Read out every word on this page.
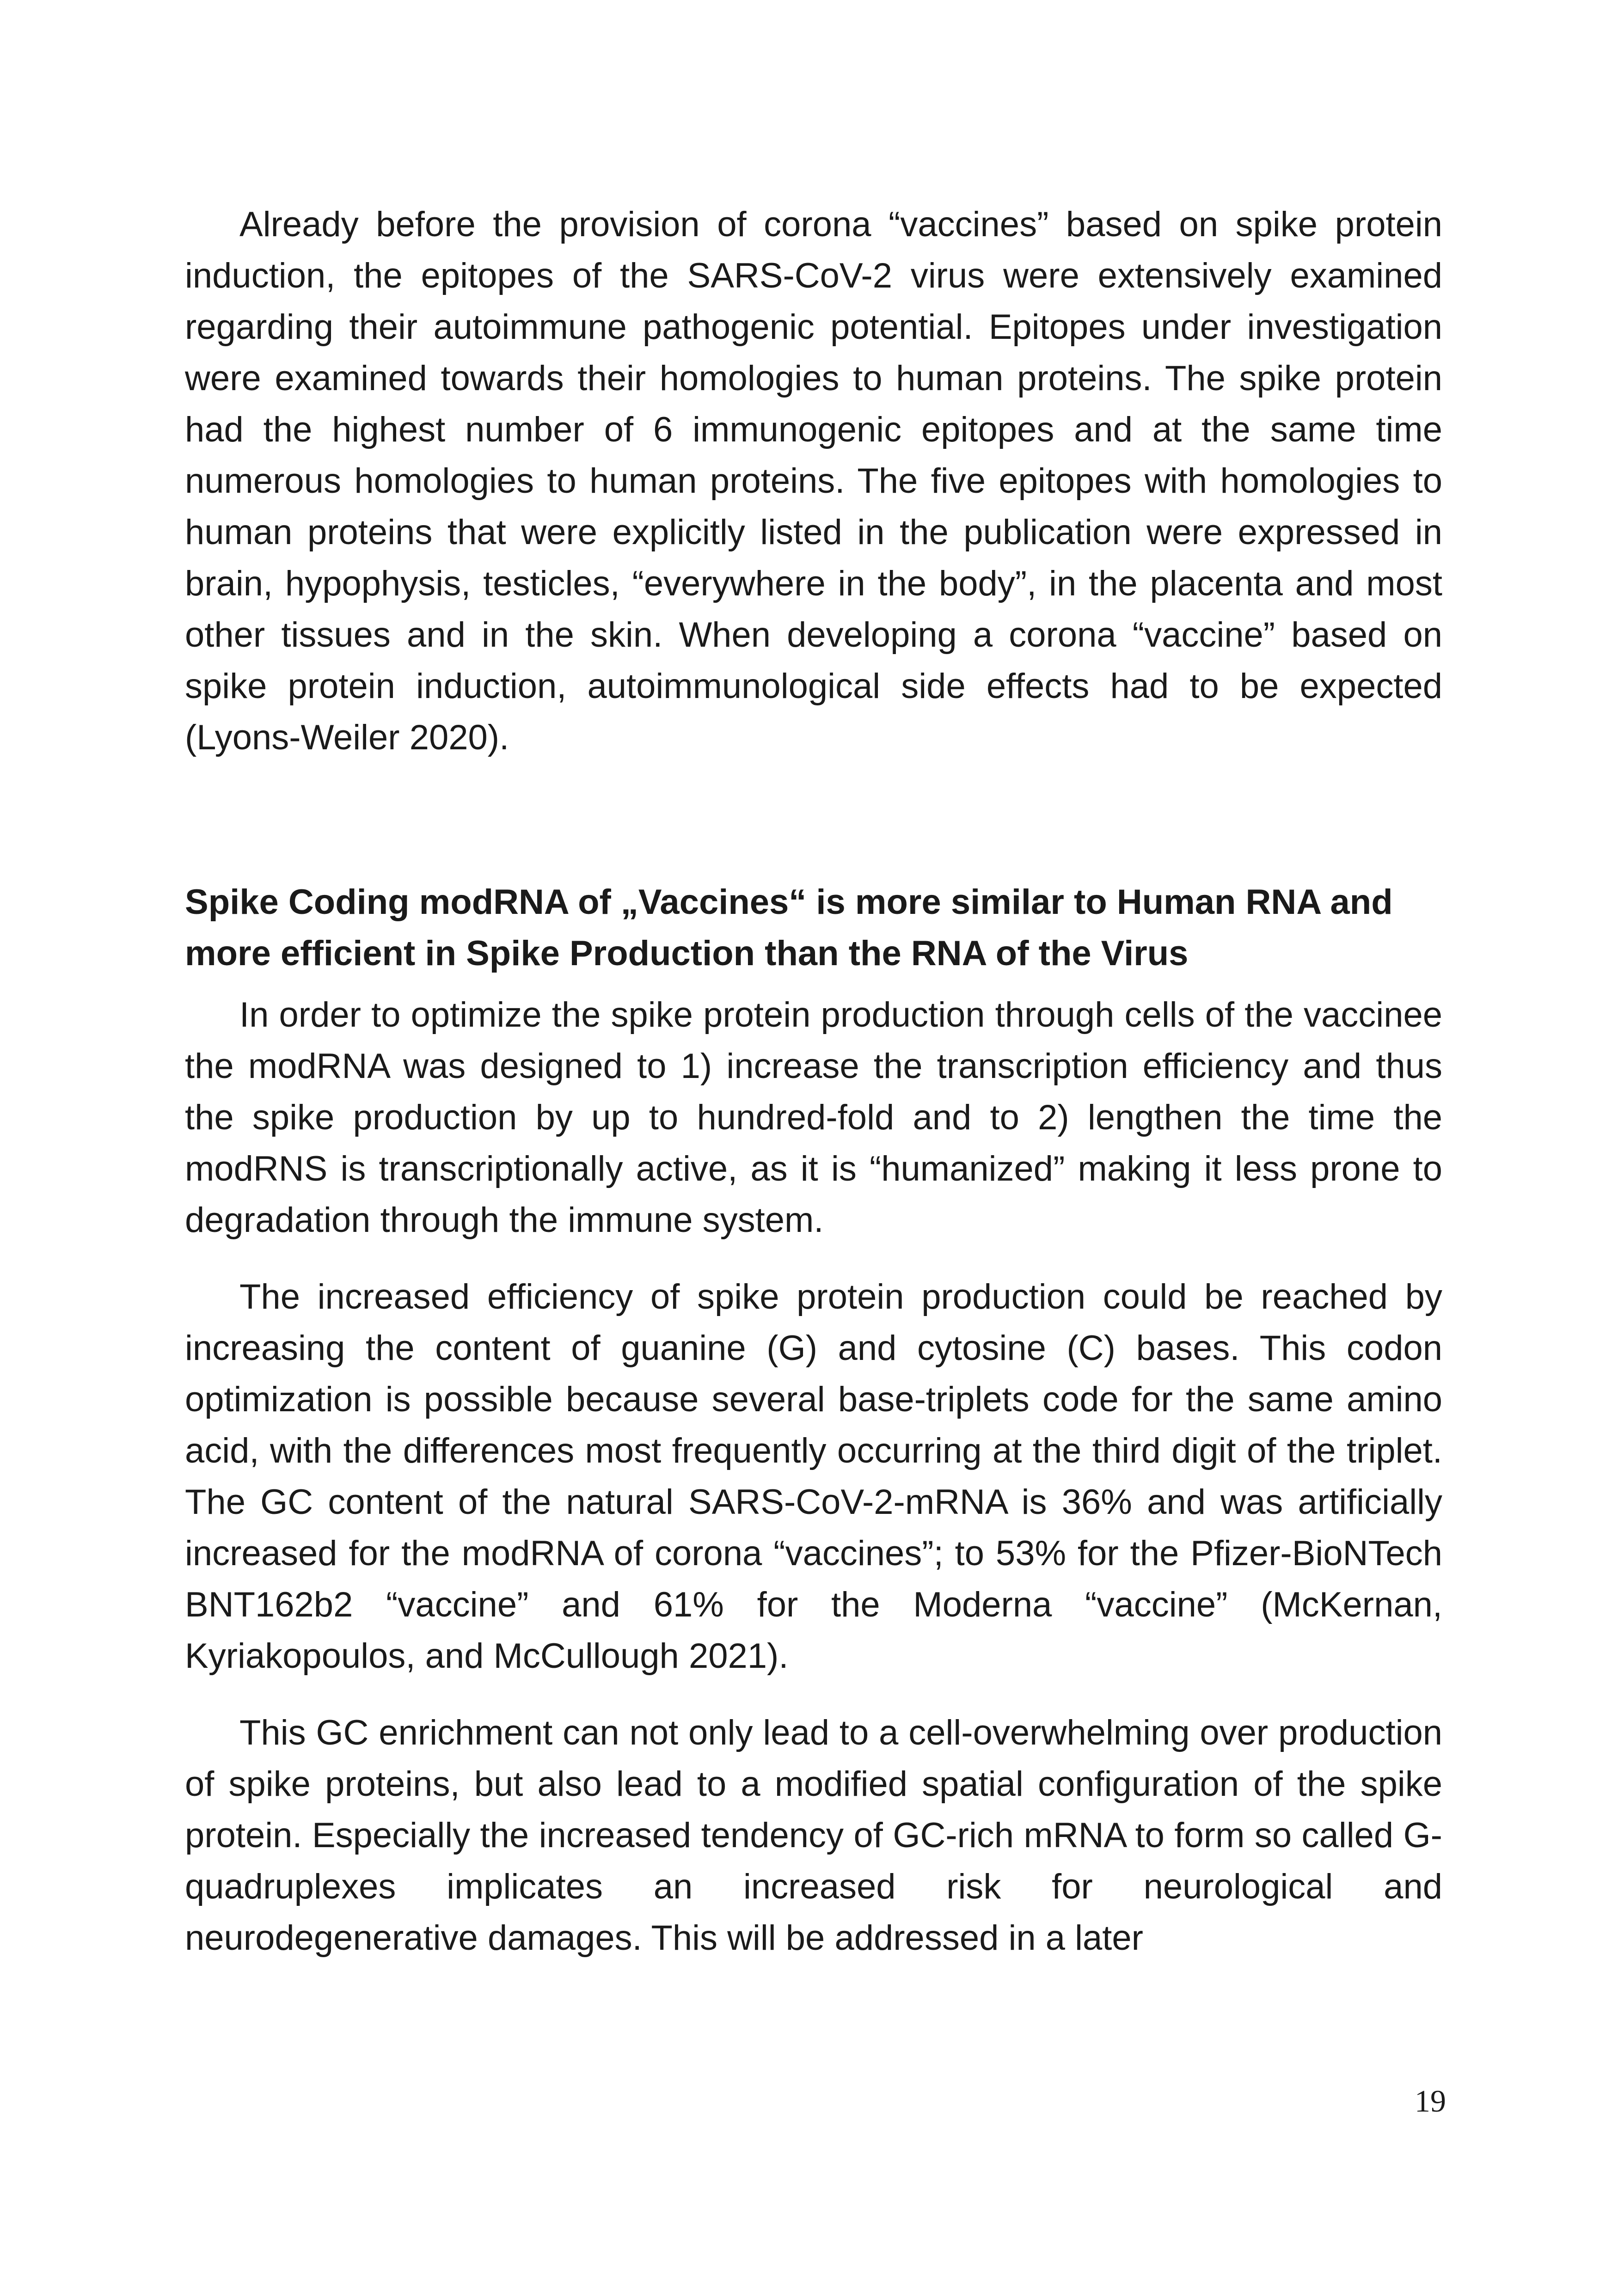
Already before the provision of corona “vaccines” based on spike protein induction, the epitopes of the SARS-CoV-2 virus were extensively examined regarding their autoimmune pathogenic potential. Epitopes under investigation were examined towards their homologies to human proteins. The spike protein had the highest number of 6 immunogenic epitopes and at the same time numerous homologies to human proteins. The five epitopes with homologies to human proteins that were explicitly listed in the publication were expressed in brain, hypophysis, testicles, “everywhere in the body”, in the placenta and most other tissues and in the skin. When developing a corona “vaccine” based on spike protein induction, autoimmunological side effects had to be expected (Lyons-Weiler 2020).

Spike Coding modRNA of „Vaccines“ is more similar to Human RNA and more efficient in Spike Production than the RNA of the Virus

In order to optimize the spike protein production through cells of the vaccinee the modRNA was designed to 1) increase the transcription efficiency and thus the spike production by up to hundred-fold and to 2) lengthen the time the modRNS is transcriptionally active, as it is “humanized” making it less prone to degradation through the immune system.

The increased efficiency of spike protein production could be reached by increasing the content of guanine (G) and cytosine (C) bases. This codon optimization is possible because several base-triplets code for the same amino acid, with the differences most frequently occurring at the third digit of the triplet. The GC content of the natural SARS-CoV-2-mRNA is 36% and was artificially increased for the modRNA of corona “vaccines”; to 53% for the Pfizer-BioNTech BNT162b2 “vaccine” and 61% for the Moderna “vaccine” (McKernan, Kyriakopoulos, and McCullough 2021).

This GC enrichment can not only lead to a cell-overwhelming over production of spike proteins, but also lead to a modified spatial configuration of the spike protein. Especially the increased tendency of GC-rich mRNA to form so called G-quadruplexes implicates an increased risk for neurological and neurodegenerative damages. This will be addressed in a later

19
